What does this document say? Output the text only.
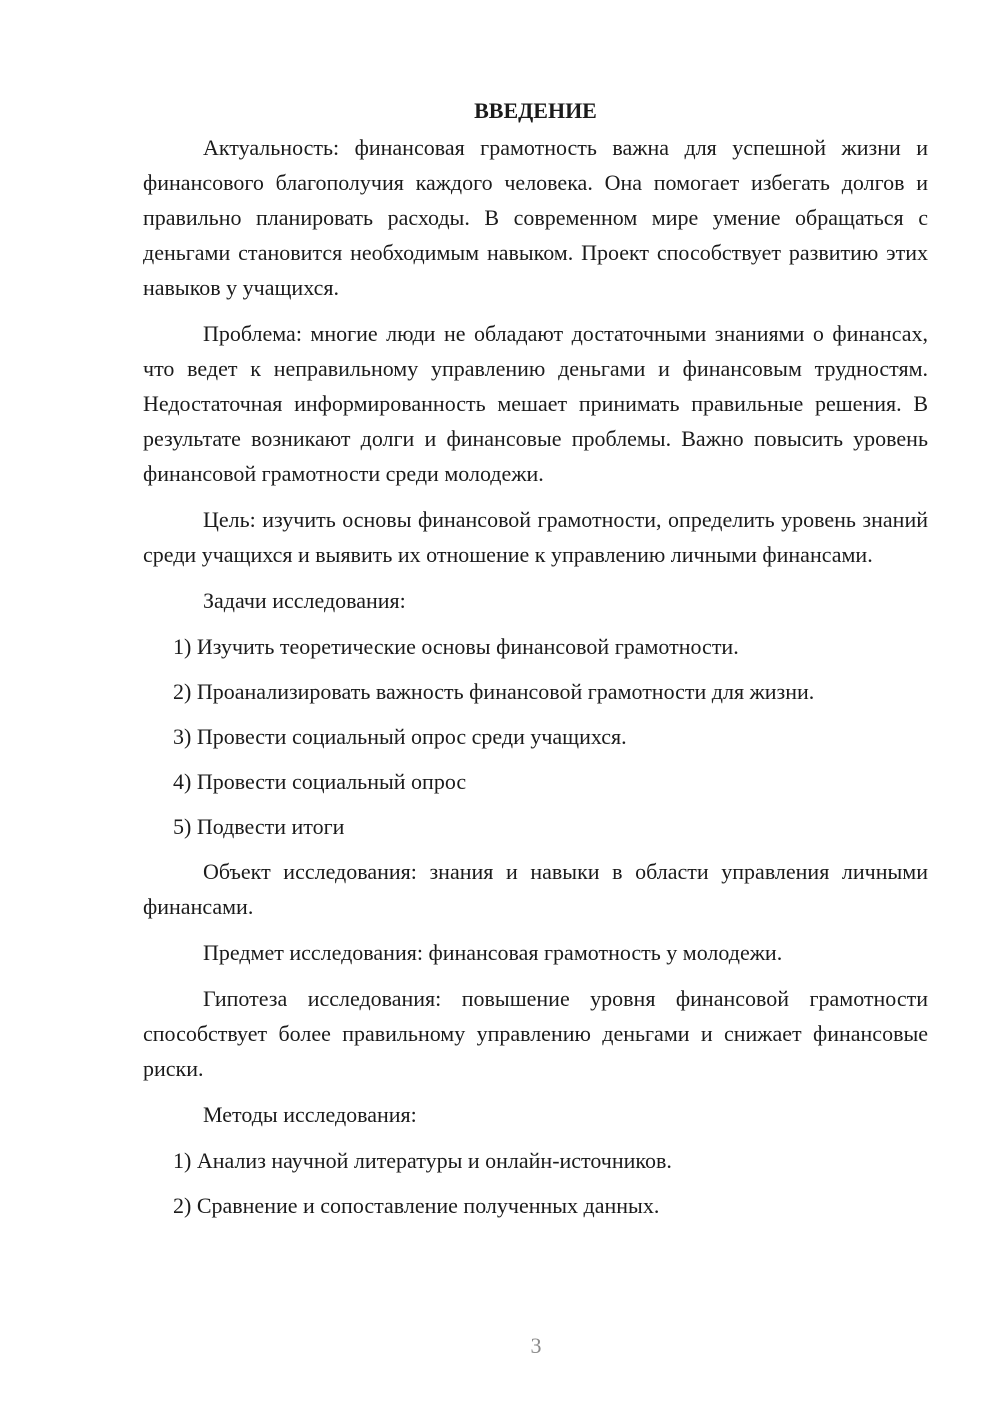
ВВЕДЕНИЕ

Актуальность: финансовая грамотность важна для успешной жизни и финансового благополучия каждого человека. Она помогает избегать долгов и правильно планировать расходы. В современном мире умение обращаться с деньгами становится необходимым навыком. Проект способствует развитию этих навыков у учащихся.

Проблема: многие люди не обладают достаточными знаниями о финансах, что ведет к неправильному управлению деньгами и финансовым трудностям. Недостаточная информированность мешает принимать правильные решения. В результате возникают долги и финансовые проблемы. Важно повысить уровень финансовой грамотности среди молодежи.

Цель: изучить основы финансовой грамотности, определить уровень знаний среди учащихся и выявить их отношение к управлению личными финансами.

Задачи исследования:

1) Изучить теоретические основы финансовой грамотности.

2) Проанализировать важность финансовой грамотности для жизни.

3) Провести социальный опрос среди учащихся.

4) Провести социальный опрос

5) Подвести итоги

Объект исследования: знания и навыки в области управления личными финансами.

Предмет исследования: финансовая грамотность у молодежи.

Гипотеза исследования: повышение уровня финансовой грамотности способствует более правильному управлению деньгами и снижает финансовые риски.

Методы исследования:

1) Анализ научной литературы и онлайн-источников.

2) Сравнение и сопоставление полученных данных.

3
